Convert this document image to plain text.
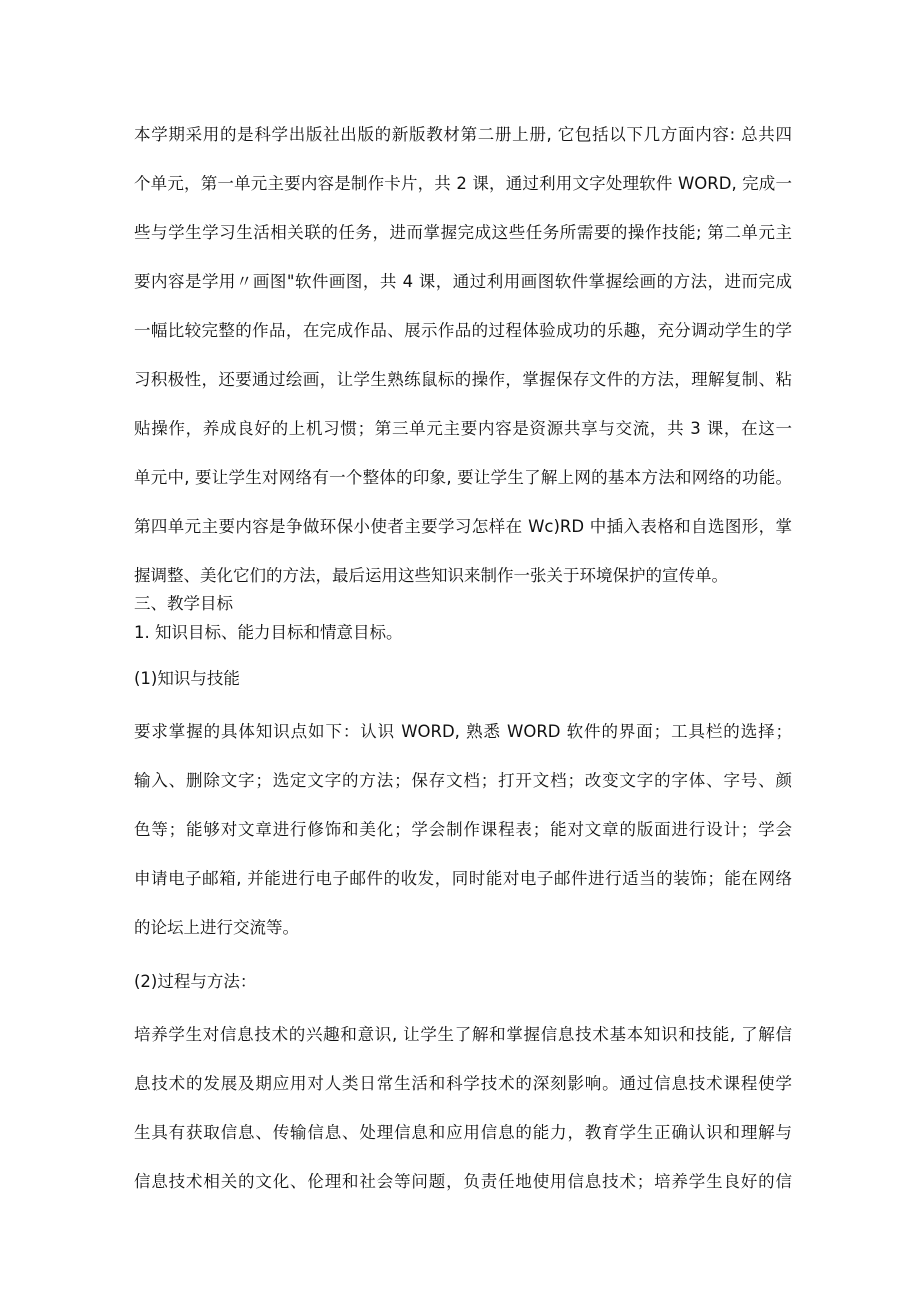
本学期采用的是科学出版社出版的新版教材第二册上册, 它包括以下几方面内容: 总共四
个单元，第一单元主要内容是制作卡片，共 2 课，通过利用文字处理软件 WORD, 完成一
些与学生学习生活相关联的任务，进而掌握完成这些任务所需要的操作技能; 第二单元主
要内容是学用〃画图"软件画图，共 4 课，通过利用画图软件掌握绘画的方法，进而完成
一幅比较完整的作品，在完成作品、展示作品的过程体验成功的乐趣，充分调动学生的学
习积极性，还要通过绘画，让学生熟练鼠标的操作，掌握保存文件的方法，理解复制、粘
贴操作，养成良好的上机习惯；第三单元主要内容是资源共享与交流，共 3 课，在这一
单元中, 要让学生对网络有一个整体的印象, 要让学生了解上网的基本方法和网络的功能。
第四单元主要内容是争做环保小使者主要学习怎样在 Wc)RD 中插入表格和自选图形，掌
握调整、美化它们的方法，最后运用这些知识来制作一张关于环境保护的宣传单。
三、教学目标
1. 知识目标、能力目标和情意目标。
(1)知识与技能
要求掌握的具体知识点如下：认识 WORD, 熟悉 WORD 软件的界面；工具栏的选择；
输入、删除文字；选定文字的方法；保存文档；打开文档；改变文字的字体、字号、颜
色等；能够对文章进行修饰和美化；学会制作课程表；能对文章的版面进行设计；学会
申请电子邮箱, 并能进行电子邮件的收发，同时能对电子邮件进行适当的装饰；能在网络
的论坛上进行交流等。
(2)过程与方法：
培养学生对信息技术的兴趣和意识, 让学生了解和掌握信息技术基本知识和技能, 了解信
息技术的发展及期应用对人类日常生活和科学技术的深刻影响。通过信息技术课程使学
生具有获取信息、传输信息、处理信息和应用信息的能力，教育学生正确认识和理解与
信息技术相关的文化、伦理和社会等问题，负责任地使用信息技术；培养学生良好的信
